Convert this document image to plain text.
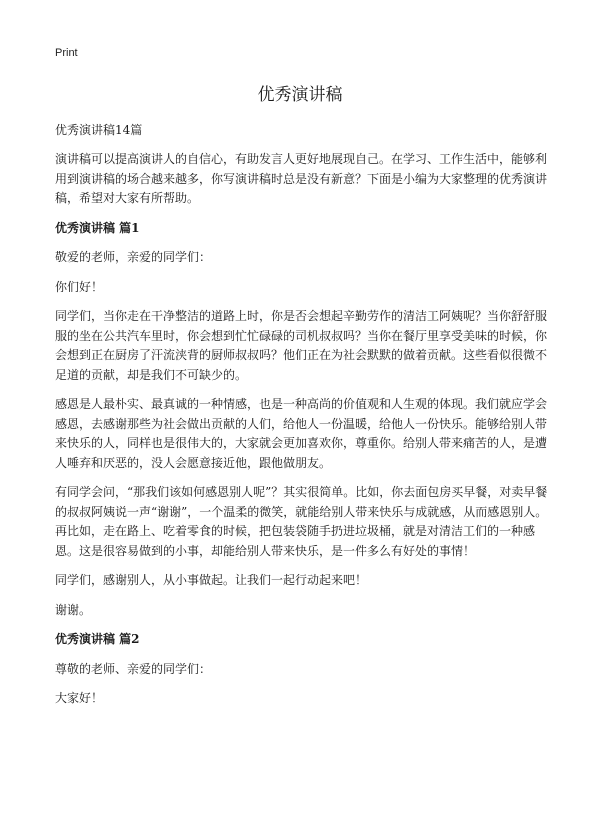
Print
优秀演讲稿
优秀演讲稿14篇

演讲稿可以提高演讲人的自信心，有助发言人更好地展现自己。在学习、工作生活中，能够利用到演讲稿的场合越来越多，你写演讲稿时总是没有新意？下面是小编为大家整理的优秀演讲稿，希望对大家有所帮助。

优秀演讲稿 篇1

敬爱的老师，亲爱的同学们：

你们好！

同学们，当你走在干净整洁的道路上时，你是否会想起辛勤劳作的清洁工阿姨呢？当你舒舒服服的坐在公共汽车里时，你会想到忙忙碌碌的司机叔叔吗？当你在餐厅里享受美味的时候，你会想到正在厨房了汗流浃背的厨师叔叔吗？他们正在为社会默默的做着贡献。这些看似很微不足道的贡献，却是我们不可缺少的。

感恩是人最朴实、最真诚的一种情感，也是一种高尚的价值观和人生观的体现。我们就应学会感恩，去感谢那些为社会做出贡献的人们，给他人一份温暖，给他人一份快乐。能够给别人带来快乐的人，同样也是很伟大的，大家就会更加喜欢你，尊重你。给别人带来痛苦的人，是遭人唾弃和厌恶的，没人会愿意接近他，跟他做朋友。

有同学会问，“那我们该如何感恩别人呢”？其实很简单。比如，你去面包房买早餐，对卖早餐的叔叔阿姨说一声“谢谢”，一个温柔的微笑，就能给别人带来快乐与成就感，从而感恩别人。再比如，走在路上、吃着零食的时候，把包装袋随手扔进垃圾桶，就是对清洁工们的一种感恩。这是很容易做到的小事，却能给别人带来快乐，是一件多么有好处的事情！

同学们，感谢别人，从小事做起。让我们一起行动起来吧！

谢谢。

优秀演讲稿 篇2

尊敬的老师、亲爱的同学们：

大家好！
